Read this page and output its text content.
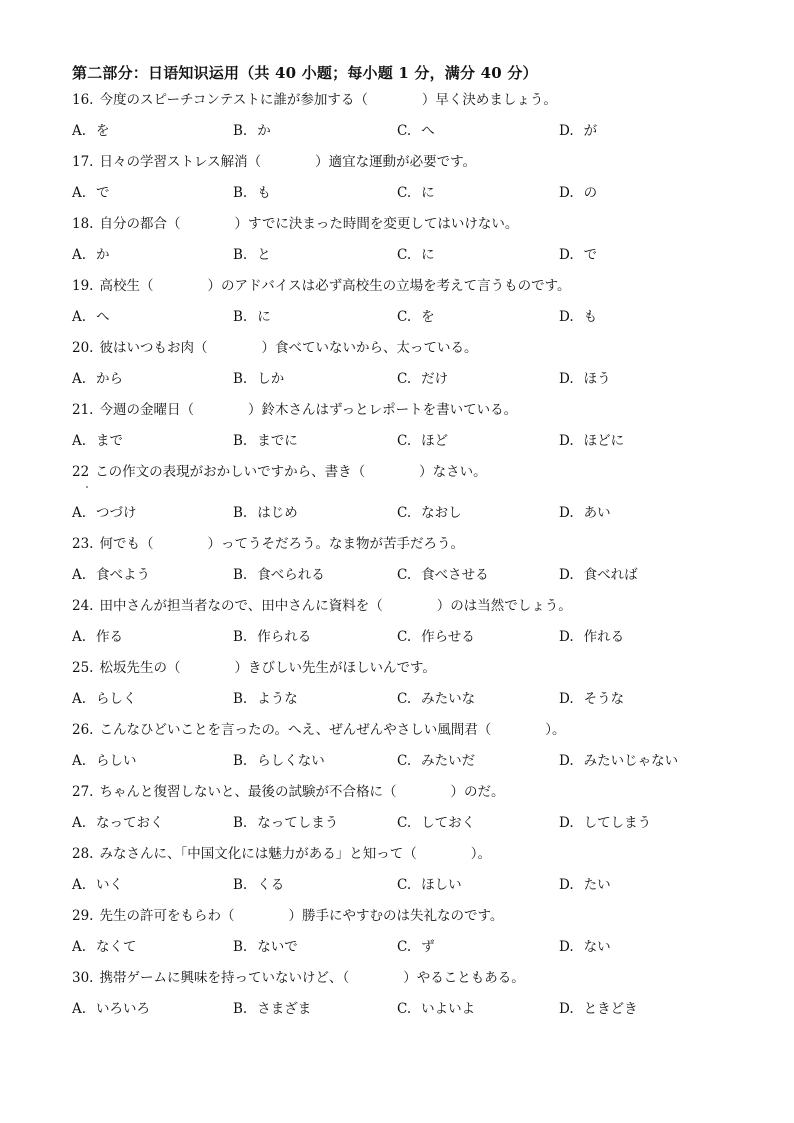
第二部分：日语知识运用（共 40 小题；每小题 1 分，满分 40 分）
16. 今度のスピーチコンテストに誰が参加する（　　　　）早く決めましょう。
A. を	B. か	C. へ	D. が
17. 日々の学習ストレス解消（　　　　）適宜な運動が必要です。
A. で	B. も	C. に	D. の
18. 自分の都合（　　　　）すでに決まった時間を変更してはいけない。
A. か	B. と	C. に	D. で
19. 高校生（　　　　）のアドバイスは必ず高校生の立場を考えて言うものです。
A. へ	B. に	C. を	D. も
20. 彼はいつもお肉（　　　　）食べていないから、太っている。
A. から	B. しか	C. だけ	D. ほう
21. 今週の金曜日（　　　　）鈴木さんはずっとレポートを書いている。
A. まで	B. までに	C. ほど	D. ほどに
22 この作文の表現がおかしいですから、書き（　　　　）なさい。
A. つづけ	B. はじめ	C. なおし	D. あい
23. 何でも（　　　　）ってうそだろう。なま物が苦手だろう。
A. 食べよう	B. 食べられる	C. 食べさせる	D. 食べれば
24. 田中さんが担当者なので、田中さんに資料を（　　　　）のは当然でしょう。
A. 作る	B. 作られる	C. 作らせる	D. 作れる
25. 松坂先生の（　　　　）きびしい先生がほしいんです。
A. らしく	B. ような	C. みたいな	D. そうな
26. こんなひどいことを言ったの。へえ、ぜんぜんやさしい風間君（　　　　）。
A. らしい	B. らしくない	C. みたいだ	D. みたいじゃない
27. ちゃんと復習しないと、最後の試験が不合格に（　　　　）のだ。
A. なっておく	B. なってしまう	C. しておく	D. してしまう
28. みなさんに、「中国文化には魅力がある」と知って（　　　　）。
A. いく	B. くる	C. ほしい	D. たい
29. 先生の許可をもらわ（　　　　）勝手にやすむのは失礼なのです。
A. なくて	B. ないで	C. ず	D. ない
30. 携帯ゲームに興味を持っていないけど、（　　　　）やることもある。
A. いろいろ	B. さまざま	C. いよいよ	D. ときどき
